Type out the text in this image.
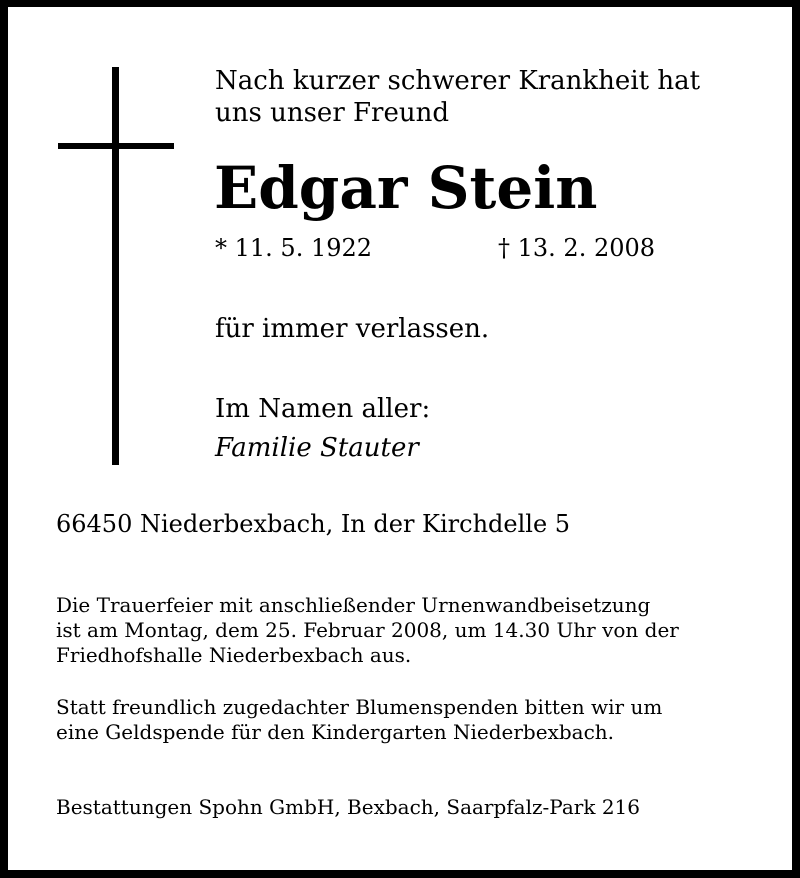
Nach kurzer schwerer Krankheit hat
uns unser Freund

Edgar Stein
* 11. 5. 1922	† 13. 2. 2008

für immer verlassen.

Im Namen aller:

Familie Stauter

66450 Niederbexbach, In der Kirchdelle 5

Die Trauerfeier mit anschließender Urnenwandbeisetzung
ist am Montag, dem 25. Februar 2008, um 14.30 Uhr von der
Friedhofshalle Niederbexbach aus.

Statt freundlich zugedachter Blumenspenden bitten wir um
eine Geldspende für den Kindergarten Niederbexbach.

Bestattungen Spohn GmbH, Bexbach, Saarpfalz-Park 216
